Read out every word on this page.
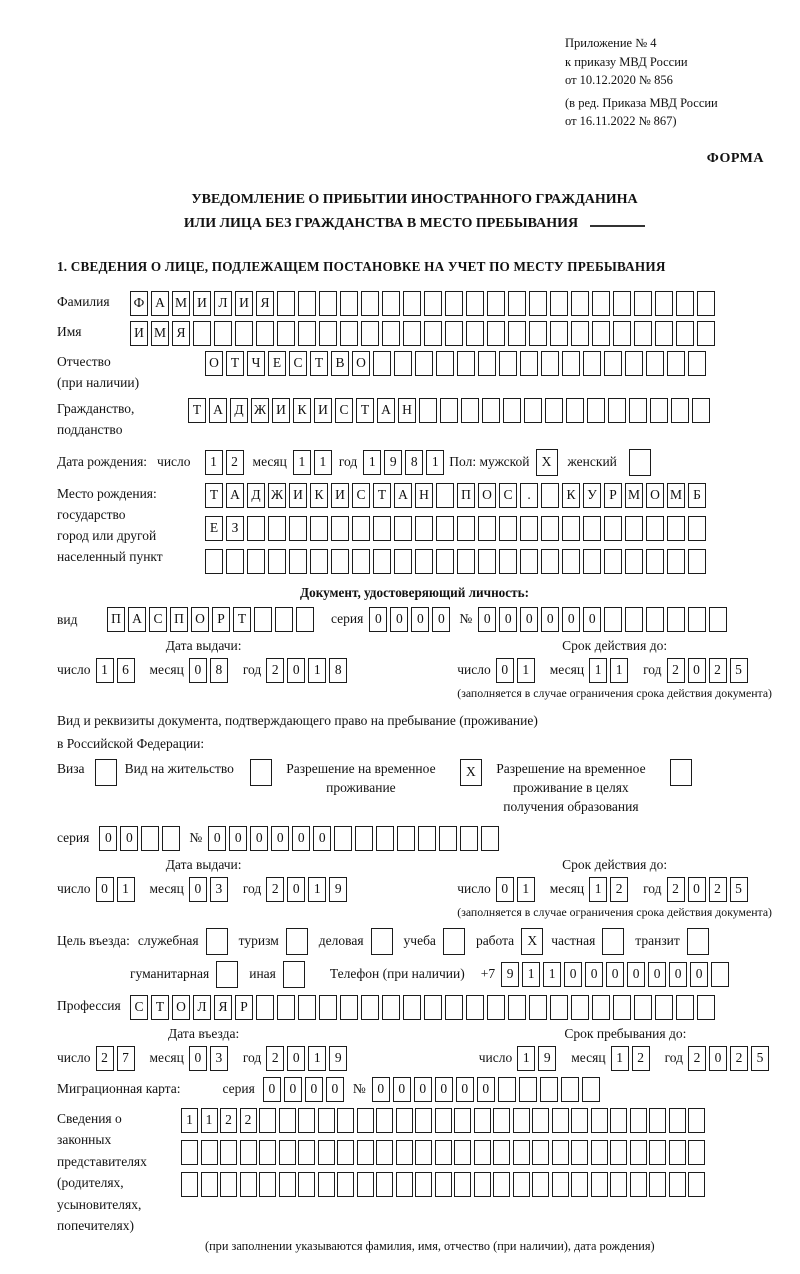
Приложение № 4
к приказу МВД России
от 10.12.2020 № 856
(в ред. Приказа МВД России
от 16.11.2022 № 867)
ФОРМА
УВЕДОМЛЕНИЕ О ПРИБЫТИИ ИНОСТРАННОГО ГРАЖДАНИНА
ИЛИ ЛИЦА БЕЗ ГРАЖДАНСТВА В МЕСТО ПРЕБЫВАНИЯ
1. СВЕДЕНИЯ О ЛИЦЕ, ПОДЛЕЖАЩЕМ ПОСТАНОВКЕ НА УЧЕТ ПО МЕСТУ ПРЕБЫВАНИЯ
Фамилия	Ф А М И Л И Я
Имя	И М Я
Отчество
(при наличии)
О Т Ч Е С Т В О
Гражданство,
подданство
Т А Д Ж И К И С Т А Н
Дата рождения: число	1	2	месяц 1	1 год 1	9	8	1 Пол: мужской X	женский
Место рождения:
государство
город или другой
населенный пункт
Т А Д Ж И К И С Т А Н	П О С	.	К У Р М О М Б

Е З

Документ, удостоверяющий личность:
вид	П А С П О Р Т	серия 0	0	0	0	№ 0	0	0	0	0	0
Дата выдачи:
число 1	6	месяц 0	8	год 2	0	1	8
Срок действия до:
число 0	1	месяц 1	1	год 2	0	2	5
(заполняется в случае ограничения срока действия документа)
Вид и реквизиты документа, подтверждающего право на пребывание (проживание)
в Российской Федерации:
Виза	Вид на жительство	Разрешение на временное проживание
X	Разрешение на временное проживание в целях получения образования
серия	0	0	№ 0	0	0	0	0	0
Дата выдачи:
число 0	1	месяц 0	3	год 2	0	1	9
Срок действия до:
число 0	1	месяц 1	2	год 2	0	2	5
(заполняется в случае ограничения срока действия документа)
Цель въезда: служебная	туризм	деловая	учеба	работа X	частная	транзит
гуманитарная	иная	Телефон (при наличии) +7 9	1	1	0	0	0	0	0	0	0
Профессия	С Т О Л Я Р
Дата въезда:
число 2	7	месяц 0	3	год 2	0	1	9
Срок пребывания до:
число 1	9	месяц 1	2	год 2	0	2	5
Миграционная карта:	серия	0	0	0	0	№ 0	0	0	0	0	0
Сведения о
законных
представителях
(родителях,
усыновителях,
попечителях)
1 1 2 2
(при заполнении указываются фамилия, имя, отчество (при наличии), дата рождения)
